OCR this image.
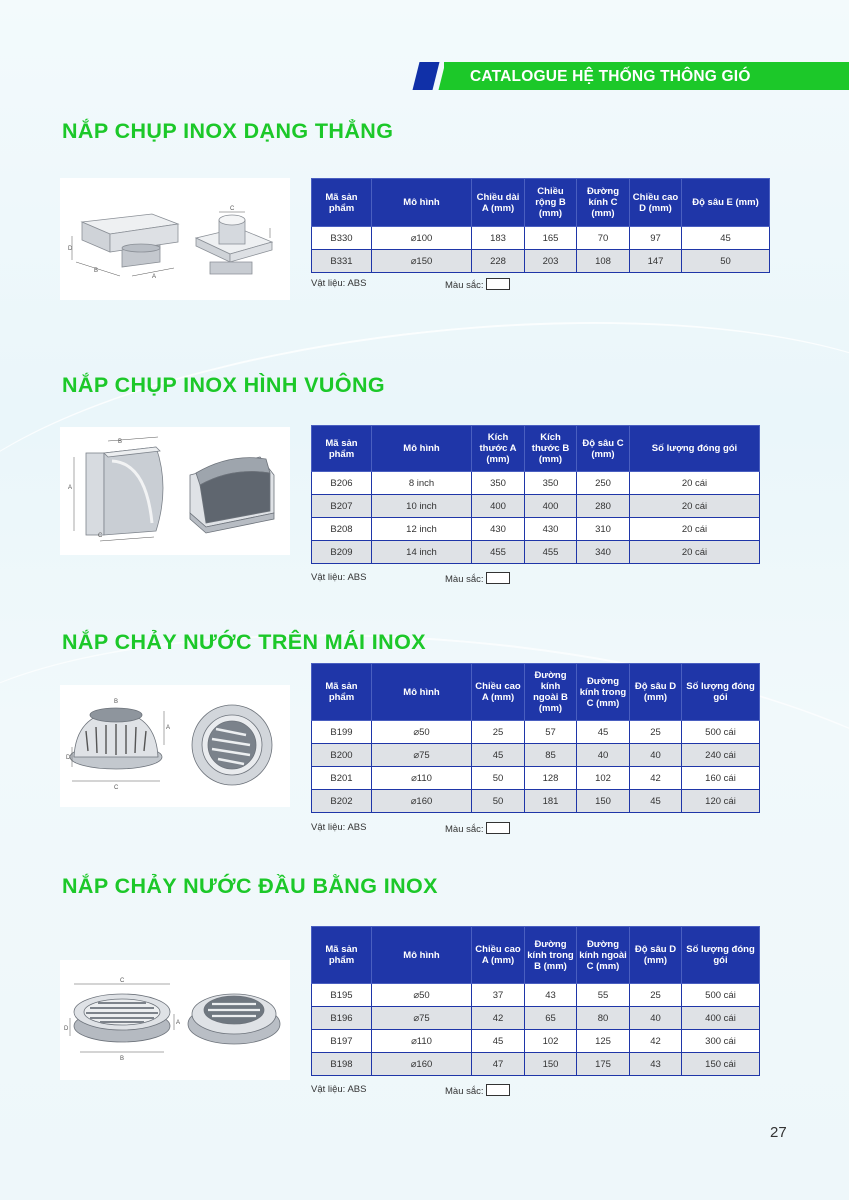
CATALOGUE HỆ THỐNG THÔNG GIÓ
NẮP CHỤP INOX DẠNG THẲNG
D
B
A
C
Mã sản phẩm	Mô hình	Chiều dài A (mm)	Chiều rộng B (mm)	Đường kính C (mm)	Chiều cao D (mm)	Độ sâu E (mm)
B330	⌀100	183	165	70	97	45
B331	⌀150	228	203	108	147	50
Vật liệu: ABS	Màu sắc:
NẮP CHỤP INOX HÌNH VUÔNG
B
A
C
Mã sản phẩm	Mô hình	Kích thước A (mm)	Kích thước B (mm)	Độ sâu C (mm)	Số lượng đóng gói
B206	8 inch	350	350	250	20 cái
B207	10 inch	400	400	280	20 cái
B208	12 inch	430	430	310	20 cái
B209	14 inch	455	455	340	20 cái
Vật liệu: ABS	Màu sắc:
NẮP CHẢY NƯỚC TRÊN MÁI INOX
A
D
B
C
Mã sản phẩm	Mô hình	Chiều cao A (mm)	Đường kính ngoài B (mm)	Đường kính trong C (mm)	Độ sâu D (mm)	Số lượng đóng gói
B199	⌀50	25	57	45	25	500 cái
B200	⌀75	45	85	40	40	240 cái
B201	⌀110	50	128	102	42	160 cái
B202	⌀160	50	181	150	45	120 cái
Vật liệu: ABS	Màu sắc:
NẮP CHẢY NƯỚC ĐẦU BẰNG INOX
C
D
A
B
Mã sản phẩm	Mô hình	Chiều cao A (mm)	Đường kính trong B (mm)	Đường kính ngoài C (mm)	Độ sâu D (mm)	Số lượng đóng gói
B195	⌀50	37	43	55	25	500 cái
B196	⌀75	42	65	80	40	400 cái
B197	⌀110	45	102	125	42	300 cái
B198	⌀160	47	150	175	43	150 cái
Vật liệu: ABS	Màu sắc:
27
